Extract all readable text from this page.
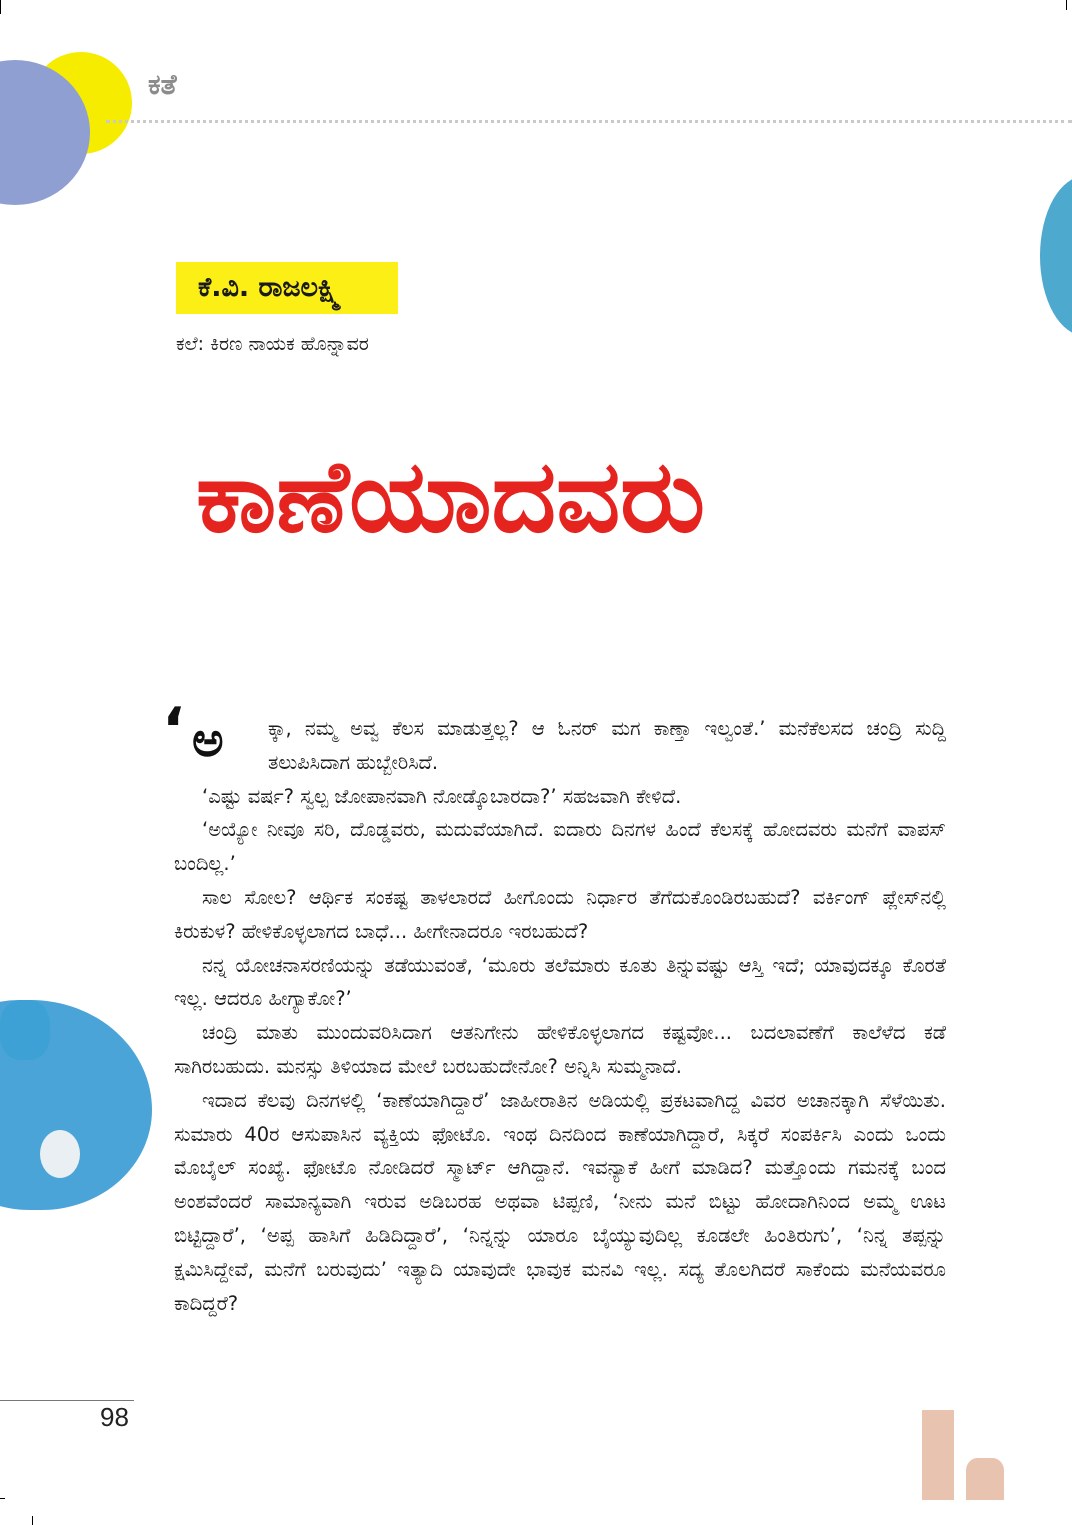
ಕತೆ
ಕೆ.ವಿ. ರಾಜಲಕ್ಷ್ಮಿ
ಕಲೆ: ಕಿರಣ ನಾಯಕ ಹೊನ್ನಾವರ
ಕಾಣೆಯಾದವರು

‘ ಅ ಕ್ಕಾ, ನಮ್ಮ ಅವ್ವ ಕೆಲಸ ಮಾಡುತ್ತಲ್ಲ? ಆ ಓನರ್ ಮಗ ಕಾಣ್ತಾ ಇಲ್ವಂತೆ.’ ಮನೆಕೆಲಸದ ಚಂದ್ರಿ ಸುದ್ದಿ ತಲುಪಿಸಿದಾಗ ಹುಬ್ಬೇರಿಸಿದೆ.

‘ಎಷ್ಟು ವರ್ಷ? ಸ್ವಲ್ಪ ಜೋಪಾನವಾಗಿ ನೋಡ್ಕೊಬಾರದಾ?’ ಸಹಜವಾಗಿ ಕೇಳಿದೆ.

‘ಅಯ್ಯೋ ನೀವೂ ಸರಿ, ದೊಡ್ಡವರು, ಮದುವೆಯಾಗಿದೆ. ಐದಾರು ದಿನಗಳ ಹಿಂದೆ ಕೆಲಸಕ್ಕೆ ಹೋದವರು ಮನೆಗೆ ವಾಪಸ್ ಬಂದಿಲ್ಲ.’

ಸಾಲ ಸೋಲ? ಆರ್ಥಿಕ ಸಂಕಷ್ಟ ತಾಳಲಾರದೆ ಹೀಗೊಂದು ನಿರ್ಧಾರ ತೆಗೆದುಕೊಂಡಿರಬಹುದೆ? ವರ್ಕಿಂಗ್ ಪ್ಲೇಸ್‌ನಲ್ಲಿ ಕಿರುಕುಳ? ಹೇಳಿಕೊಳ್ಳಲಾಗದ ಬಾಧೆ... ಹೀಗೇನಾದರೂ ಇರಬಹುದೆ?

ನನ್ನ ಯೋಚನಾಸರಣಿಯನ್ನು ತಡೆಯುವಂತೆ, ‘ಮೂರು ತಲೆಮಾರು ಕೂತು ತಿನ್ನುವಷ್ಟು ಆಸ್ತಿ ಇದೆ; ಯಾವುದಕ್ಕೂ ಕೊರತೆ ಇಲ್ಲ. ಆದರೂ ಹೀಗ್ಯಾಕೋ?’

ಚಂದ್ರಿ ಮಾತು ಮುಂದುವರಿಸಿದಾಗ ಆತನಿಗೇನು ಹೇಳಿಕೊಳ್ಳಲಾಗದ ಕಷ್ಟವೋ... ಬದಲಾವಣೆಗೆ ಕಾಲೆಳೆದ ಕಡೆ ಸಾಗಿರಬಹುದು. ಮನಸ್ಸು ತಿಳಿಯಾದ ಮೇಲೆ ಬರಬಹುದೇನೋ? ಅನ್ನಿಸಿ ಸುಮ್ಮನಾದೆ.

ಇದಾದ ಕೆಲವು ದಿನಗಳಲ್ಲಿ ‘ಕಾಣೆಯಾಗಿದ್ದಾರೆ’ ಜಾಹೀರಾತಿನ ಅಡಿಯಲ್ಲಿ ಪ್ರಕಟವಾಗಿದ್ದ ವಿವರ ಅಚಾನಕ್ಕಾಗಿ ಸೆಳೆಯಿತು. ಸುಮಾರು 40ರ ಆಸುಪಾಸಿನ ವ್ಯಕ್ತಿಯ ಫೋಟೊ. ಇಂಥ ದಿನದಿಂದ ಕಾಣೆಯಾಗಿದ್ದಾರೆ, ಸಿಕ್ಕರೆ ಸಂಪರ್ಕಿಸಿ ಎಂದು ಒಂದು ಮೊಬೈಲ್ ಸಂಖ್ಯೆ. ಫೋಟೊ ನೋಡಿದರೆ ಸ್ಮಾರ್ಟ್ ಆಗಿದ್ದಾನೆ. ಇವನ್ಯಾಕೆ ಹೀಗೆ ಮಾಡಿದ? ಮತ್ತೊಂದು ಗಮನಕ್ಕೆ ಬಂದ ಅಂಶವೆಂದರೆ ಸಾಮಾನ್ಯವಾಗಿ ಇರುವ ಅಡಿಬರಹ ಅಥವಾ ಟಿಪ್ಪಣಿ, ‘ನೀನು ಮನೆ ಬಿಟ್ಟು ಹೋದಾಗಿನಿಂದ ಅಮ್ಮ ಊಟ ಬಿಟ್ಟಿದ್ದಾರೆ’, ‘ಅಪ್ಪ ಹಾಸಿಗೆ ಹಿಡಿದಿದ್ದಾರೆ’, ‘ನಿನ್ನನ್ನು ಯಾರೂ ಬೈಯ್ಯುವುದಿಲ್ಲ ಕೂಡಲೇ ಹಿಂತಿರುಗು’, ‘ನಿನ್ನ ತಪ್ಪನ್ನು ಕ್ಷಮಿಸಿದ್ದೇವೆ, ಮನೆಗೆ ಬರುವುದು’ ಇತ್ಯಾದಿ ಯಾವುದೇ ಭಾವುಕ ಮನವಿ ಇಲ್ಲ. ಸದ್ಯ ತೊಲಗಿದರೆ ಸಾಕೆಂದು ಮನೆಯವರೂ ಕಾದಿದ್ದರೆ?

98
